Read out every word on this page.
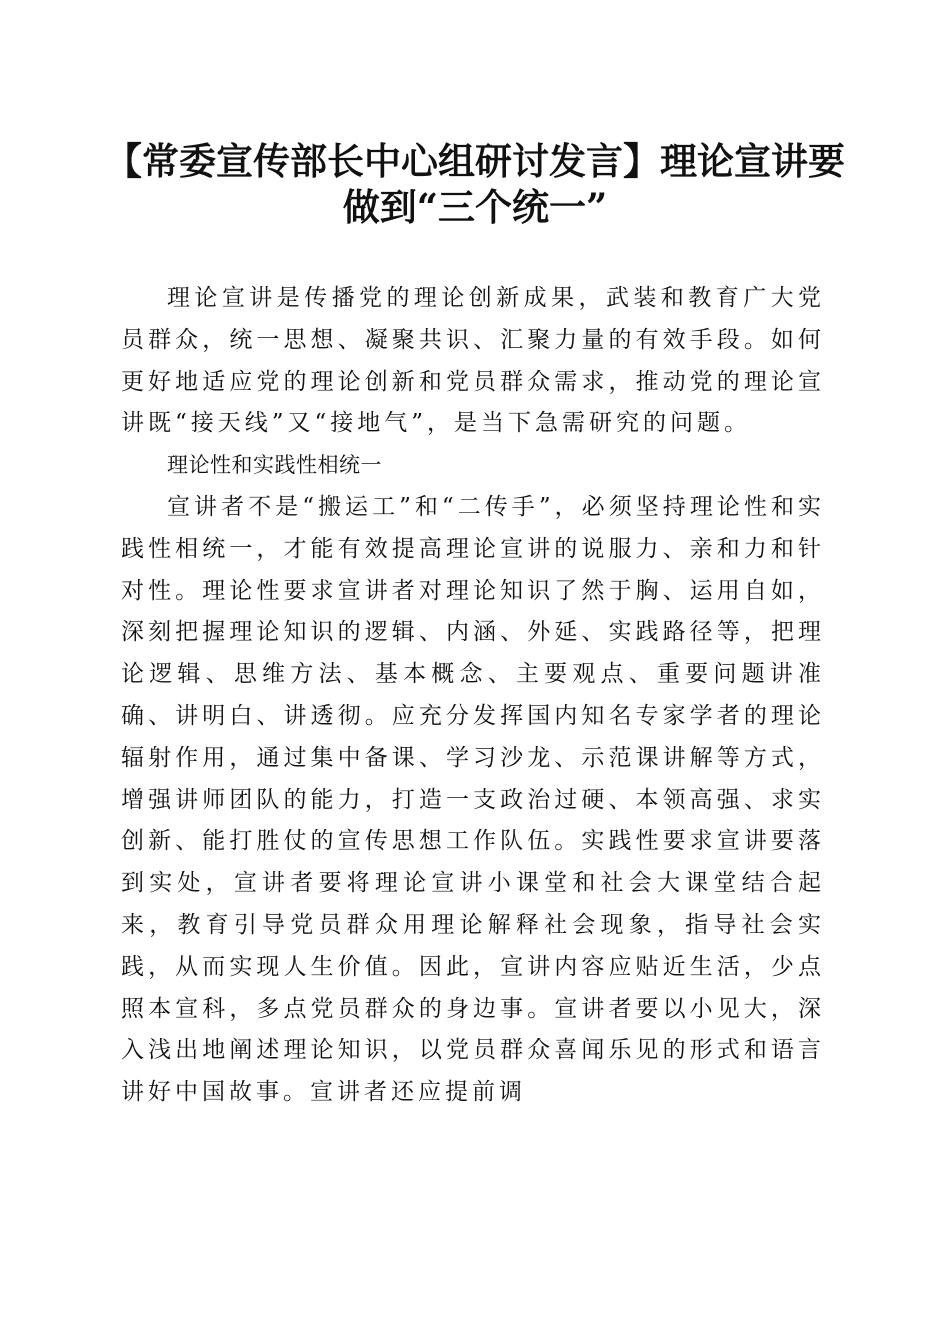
【常委宣传部长中心组研讨发言】理论宣讲要
做到“三个统一”

理论宣讲是传播党的理论创新成果，武装和教育广大党员群众，统一思想、凝聚共识、汇聚力量的有效手段。如何更好地适应党的理论创新和党员群众需求，推动党的理论宣讲既“接天线”又“接地气”，是当下急需研究的问题。

理论性和实践性相统一

宣讲者不是“搬运工”和“二传手”，必须坚持理论性和实践性相统一，才能有效提高理论宣讲的说服力、亲和力和针对性。理论性要求宣讲者对理论知识了然于胸、运用自如，深刻把握理论知识的逻辑、内涵、外延、实践路径等，把理论逻辑、思维方法、基本概念、主要观点、重要问题讲准确、讲明白、讲透彻。应充分发挥国内知名专家学者的理论辐射作用，通过集中备课、学习沙龙、示范课讲解等方式，增强讲师团队的能力，打造一支政治过硬、本领高强、求实创新、能打胜仗的宣传思想工作队伍。实践性要求宣讲要落到实处，宣讲者要将理论宣讲小课堂和社会大课堂结合起来，教育引导党员群众用理论解释社会现象，指导社会实践，从而实现人生价值。因此，宣讲内容应贴近生活，少点照本宣科，多点党员群众的身边事。宣讲者要以小见大，深入浅出地阐述理论知识，以党员群众喜闻乐见的形式和语言讲好中国故事。宣讲者还应提前调
